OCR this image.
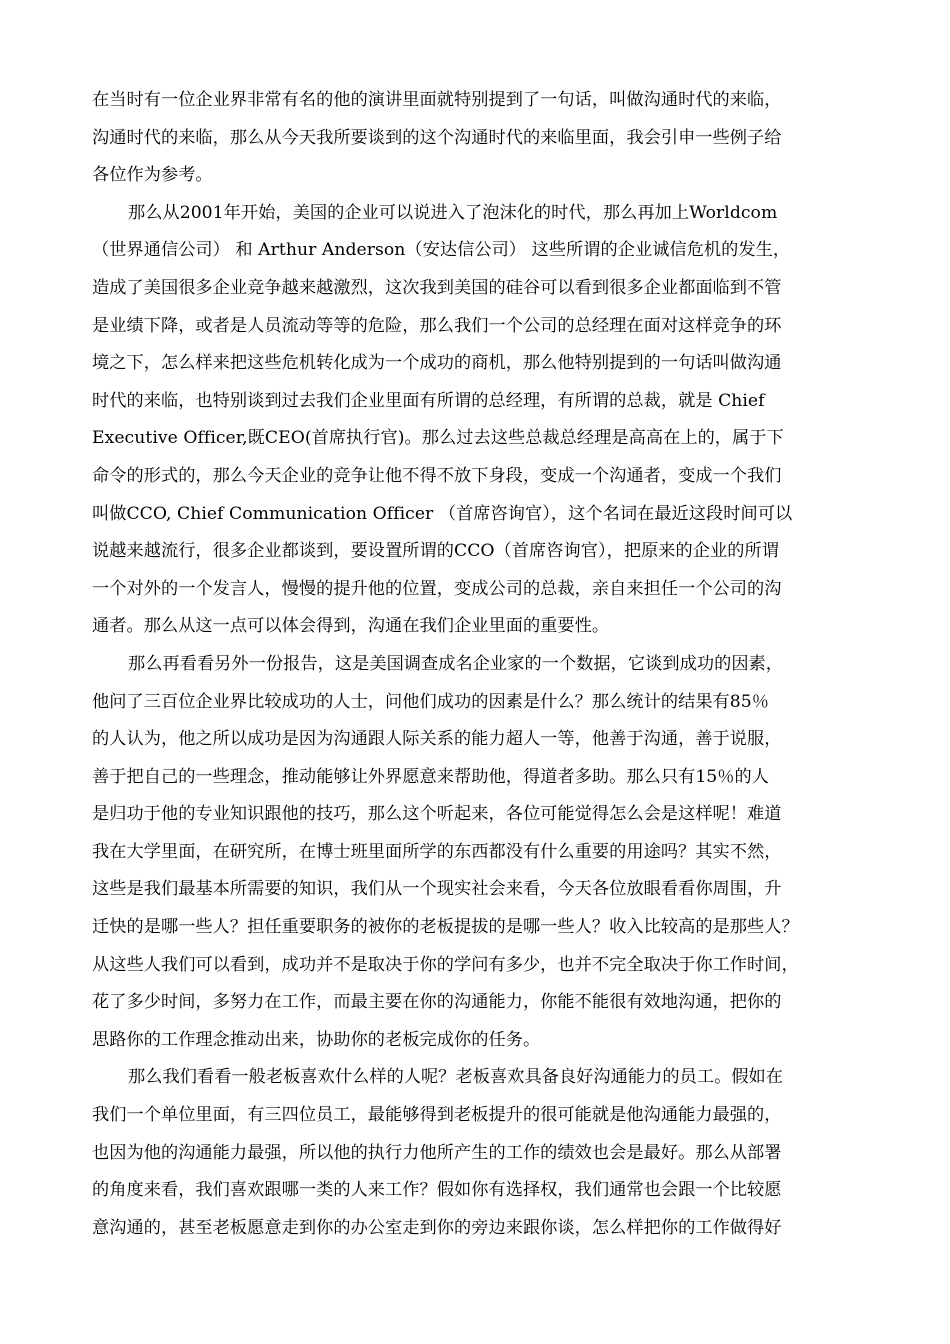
在当时有一位企业界非常有名的他的演讲里面就特别提到了一句话，叫做沟通时代的来临，
沟通时代的来临，那么从今天我所要谈到的这个沟通时代的来临里面，我会引申一些例子给
各位作为参考。
那么从2001年开始，美国的企业可以说进入了泡沫化的时代，那么再加上Worldcom
（世界通信公司） 和 Arthur Anderson（安达信公司） 这些所谓的企业诚信危机的发生，
造成了美国很多企业竞争越来越激烈，这次我到美国的硅谷可以看到很多企业都面临到不管
是业绩下降，或者是人员流动等等的危险，那么我们一个公司的总经理在面对这样竞争的环
境之下，怎么样来把这些危机转化成为一个成功的商机，那么他特别提到的一句话叫做沟通
时代的来临，也特别谈到过去我们企业里面有所谓的总经理，有所谓的总裁，就是 Chief
Executive Officer,既CEO(首席执行官)。那么过去这些总裁总经理是高高在上的，属于下
命令的形式的，那么今天企业的竞争让他不得不放下身段，变成一个沟通者，变成一个我们
叫做CCO, Chief Communication Officer （首席咨询官），这个名词在最近这段时间可以
说越来越流行，很多企业都谈到，要设置所谓的CCO（首席咨询官），把原来的企业的所谓
一个对外的一个发言人，慢慢的提升他的位置，变成公司的总裁，亲自来担任一个公司的沟
通者。那么从这一点可以体会得到，沟通在我们企业里面的重要性。
那么再看看另外一份报告，这是美国调查成名企业家的一个数据，它谈到成功的因素，
他问了三百位企业界比较成功的人士，问他们成功的因素是什么？那么统计的结果有85％
的人认为，他之所以成功是因为沟通跟人际关系的能力超人一等，他善于沟通，善于说服，
善于把自己的一些理念，推动能够让外界愿意来帮助他，得道者多助。那么只有15％的人
是归功于他的专业知识跟他的技巧，那么这个听起来，各位可能觉得怎么会是这样呢！难道
我在大学里面，在研究所，在博士班里面所学的东西都没有什么重要的用途吗？其实不然，
这些是我们最基本所需要的知识，我们从一个现实社会来看，今天各位放眼看看你周围，升
迁快的是哪一些人？担任重要职务的被你的老板提拔的是哪一些人？收入比较高的是那些人？
从这些人我们可以看到，成功并不是取决于你的学问有多少，也并不完全取决于你工作时间，
花了多少时间，多努力在工作，而最主要在你的沟通能力，你能不能很有效地沟通，把你的
思路你的工作理念推动出来，协助你的老板完成你的任务。
那么我们看看一般老板喜欢什么样的人呢？老板喜欢具备良好沟通能力的员工。假如在
我们一个单位里面，有三四位员工，最能够得到老板提升的很可能就是他沟通能力最强的，
也因为他的沟通能力最强，所以他的执行力他所产生的工作的绩效也会是最好。那么从部署
的角度来看，我们喜欢跟哪一类的人来工作？假如你有选择权，我们通常也会跟一个比较愿
意沟通的，甚至老板愿意走到你的办公室走到你的旁边来跟你谈，怎么样把你的工作做得好
